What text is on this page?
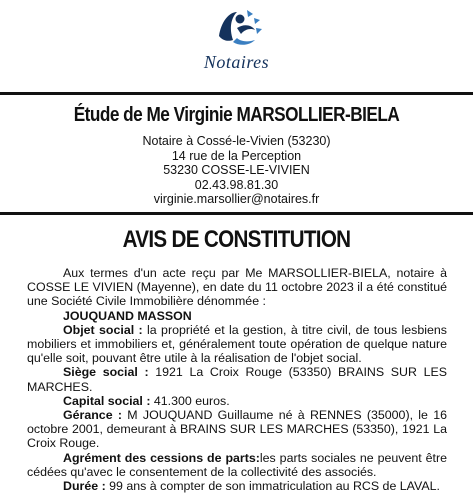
Notaires
Étude de Me Virginie MARSOLLIER-BIELA
Notaire à Cossé-le-Vivien (53230)
14 rue de la Perception
53230 COSSE-LE-VIVIEN
02.43.98.81.30
virginie.marsollier@notaires.fr
AVIS DE CONSTITUTION

Aux termes d'un acte reçu par Me MARSOLLIER-BIELA, notaire à COSSE LE VIVIEN (Mayenne), en date du 11 octobre 2023 il a été constitué une Société Civile Immobilière dénommée :

JOUQUAND MASSON

Objet social : la propriété et la gestion, à titre civil, de tous lesbiens mobiliers et immobiliers et, généralement toute opération de quelque nature qu'elle soit, pouvant être utile à la réalisation de l'objet social.

Siège social : 1921 La Croix Rouge (53350) BRAINS SUR LES MARCHES.

Capital social : 41.300 euros.

Gérance : M JOUQUAND Guillaume né à RENNES (35000), le 16 octobre 2001, demeurant à BRAINS SUR LES MARCHES (53350), 1921 La Croix Rouge.

Agrément des cessions de parts:les parts sociales ne peuvent être cédées qu'avec le consentement de la collectivité des associés.

Durée : 99 ans à compter de son immatriculation au RCS de LAVAL.
